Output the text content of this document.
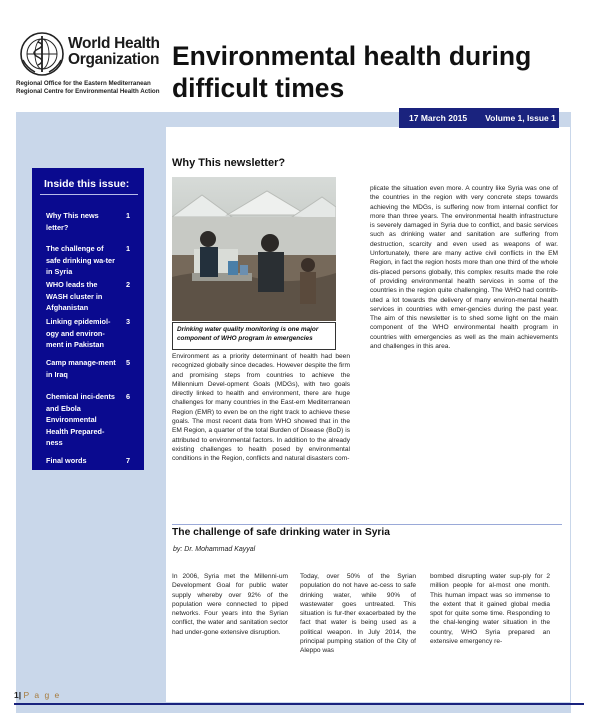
World Health Organization
Regional Office for the Eastern Mediterranean
Regional Centre for Environmental Health Action
Environmental health during difficult times
17 March 2015	Volume 1, Issue 1
Inside this issue:
Why This news letter?
1
The challenge of safe drinking wa-ter in Syria
1
WHO leads the WASH cluster in Afghanistan
2
Linking epidemiol-ogy and environ-ment in Pakistan
3
Camp manage-ment in Iraq
5
Chemical inci-dents and Ebola Environmental Health Prepared-ness
6
Final words	7
Why This newsletter?
Drinking water quality monitoring is one major component of WHO program in emergencies
Environment as a priority determinant of health had been recognized globally since decades. However despite the firm and promising steps from countries to achieve the Millennium Devel-opment Goals (MDGs), with two goals directly linked to health and environment, there are huge challenges for many countries in the East-ern Mediterranean Region (EMR) to even be on the right track to achieve these goals. The most recent data from WHO showed that in the EM Region, a quarter of the total Burden of Disease (BoD) is attributed to environmental factors. In addition to the already existing challenges to health posed by environmental conditions in the Region, conflicts and natural disasters com-
plicate the situation even more. A country like Syria was one of the countries in the region with very concrete steps towards achieving the MDGs, is suffering now from internal conflict for more than three years. The environmental health infrastructure is severely damaged in Syria due to conflict, and basic services such as drinking water and sanitation are suffering from destruction, scarcity and even used as weapons of war. Unfortunately, there are many active civil conflicts in the EM Region, in fact the region hosts more than one third of the whole dis-placed persons globally, this complex results made the role of providing environmental health services in some of the countries in the region quite challenging. The WHO had contrib-uted a lot towards the delivery of many environ-mental health services in countries with emer-gencies during the past year. The aim of this newsletter is to shed some light on the main component of the WHO environmental health program in countries with emergencies as well as the main achievements and challenges in this area.
The challenge of safe drinking water in Syria
by: Dr. Mohammad Kayyal
In 2006, Syria met the Millenni-um Development Goal for public water supply whereby over 92% of the population were connected to piped networks. Four years into the Syrian conflict, the water and sanitation sector had under-gone extensive disruption.
Today, over 50% of the Syrian population do not have ac-cess to safe drinking water, while 90% of wastewater goes untreated. This situation is fur-ther exacerbated by the fact that water is being used as a political weapon. In July 2014, the principal pumping station of the City of Aleppo was
bombed disrupting water sup-ply for 2 million people for al-most one month. This human impact was so immense to the extent that it gained global media spot for quite some time. Responding to the chal-lenging water situation in the country, WHO Syria prepared an extensive emergency re-
1| P a g e
